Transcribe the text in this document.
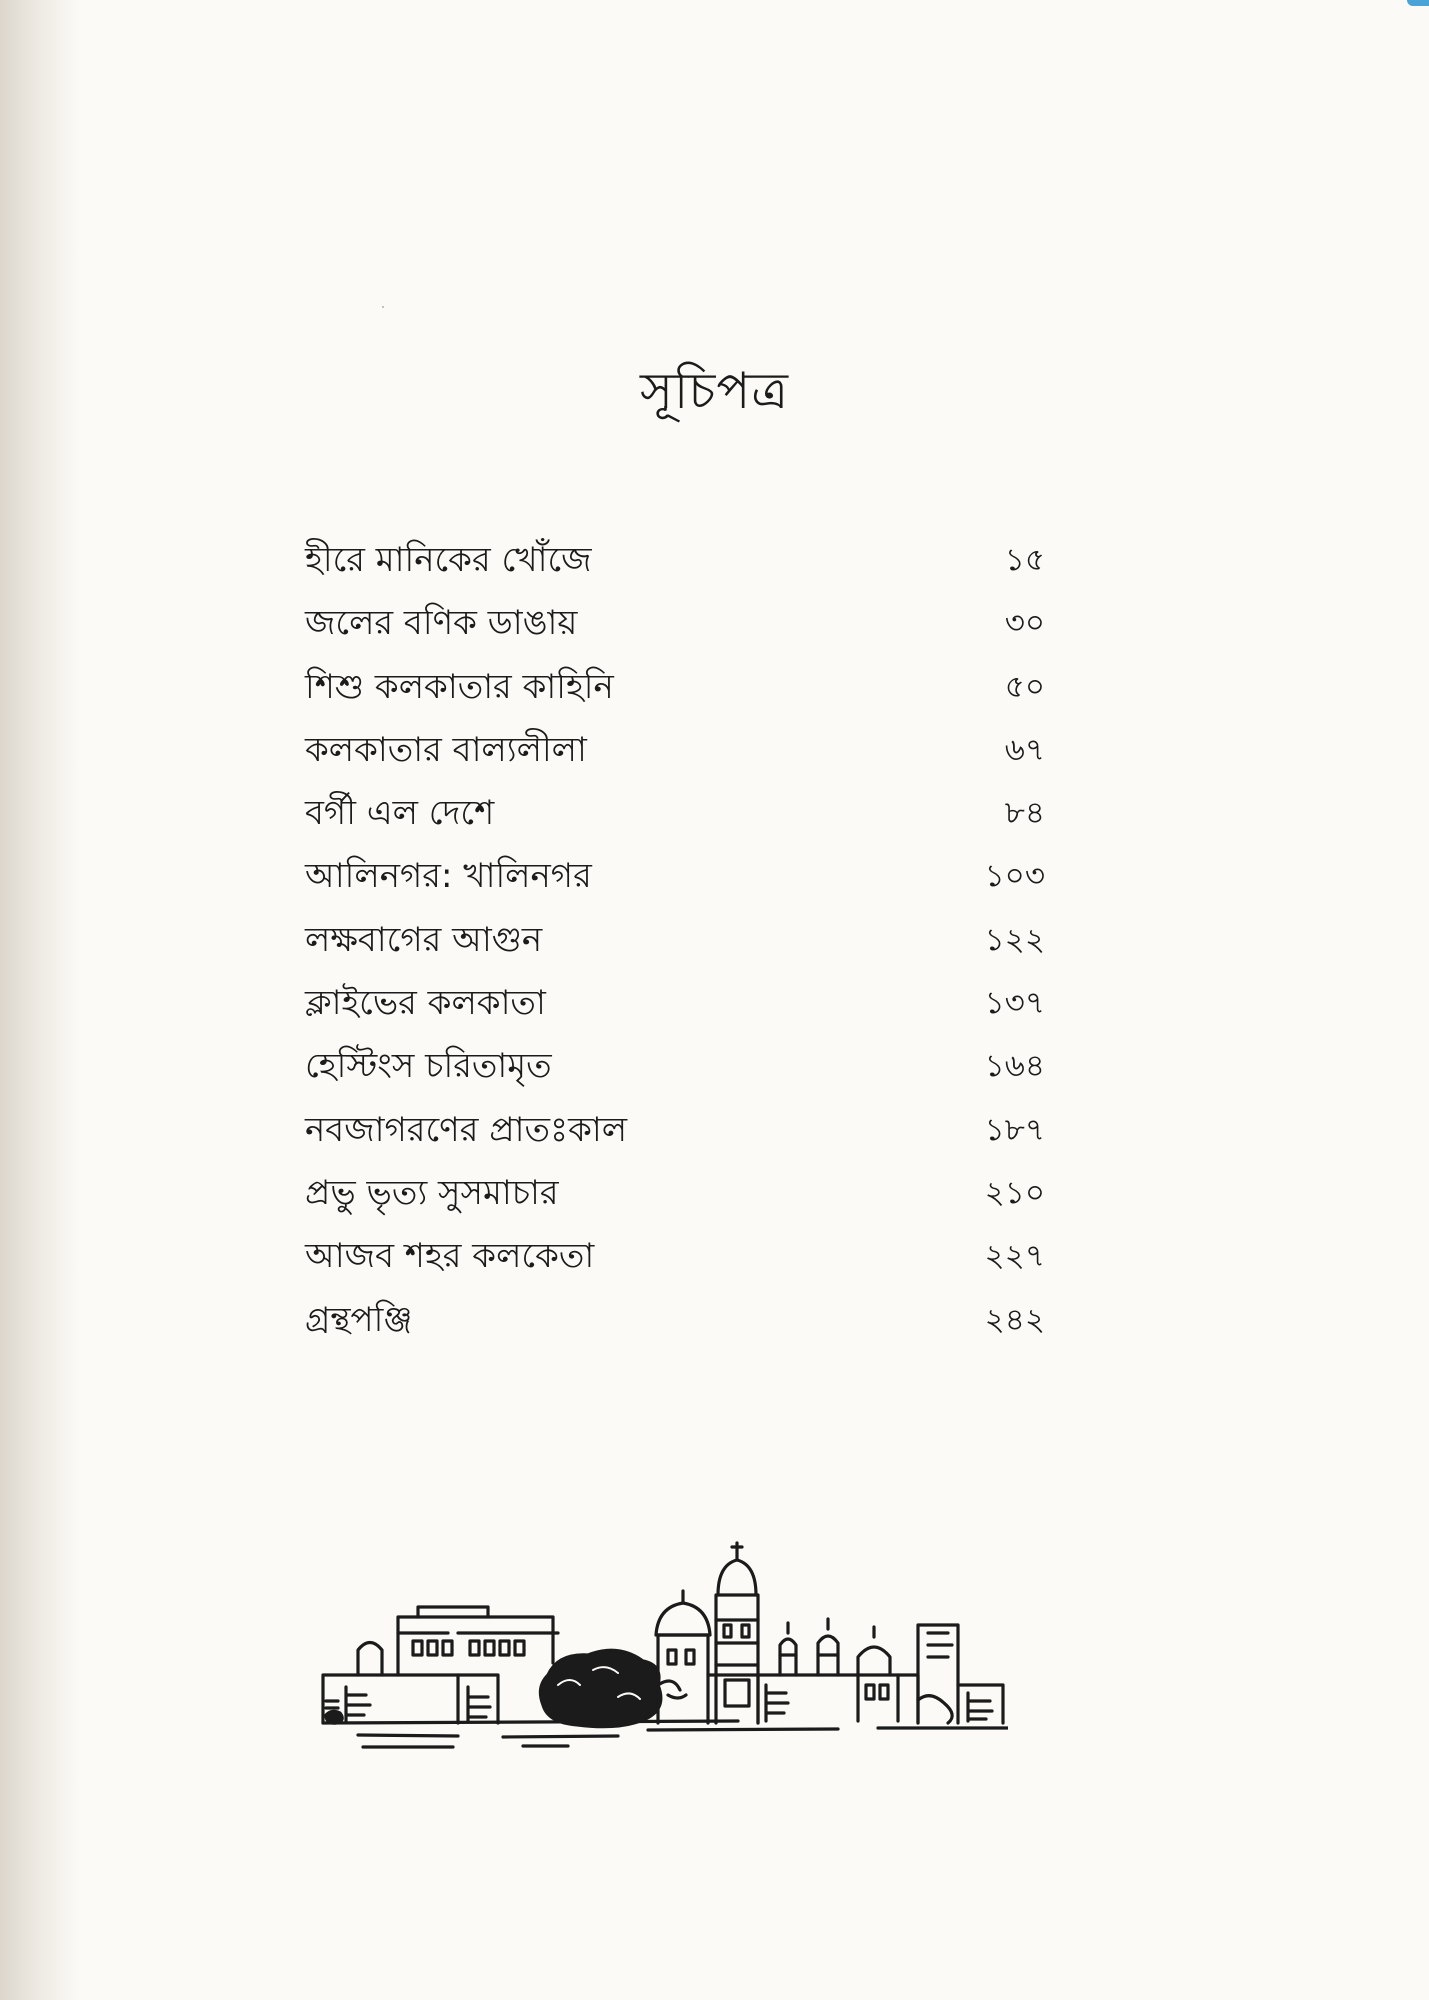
সূচিপত্র
হীরে মানিকের খোঁজে	১৫
জলের বণিক ডাঙায়	৩০
শিশু কলকাতার কাহিনি	৫০
কলকাতার বাল্যলীলা	৬৭
বর্গী এল দেশে	৮৪
আলিনগর: খালিনগর	১০৩
লক্ষবাগের আগুন	১২২
ক্লাইভের কলকাতা	১৩৭
হেস্টিংস চরিতামৃত	১৬৪
নবজাগরণের প্রাতঃকাল	১৮৭
প্রভু ভৃত্য সুসমাচার	২১০
আজব শহর কলকেতা	২২৭
গ্রন্থপঞ্জি	২৪২
